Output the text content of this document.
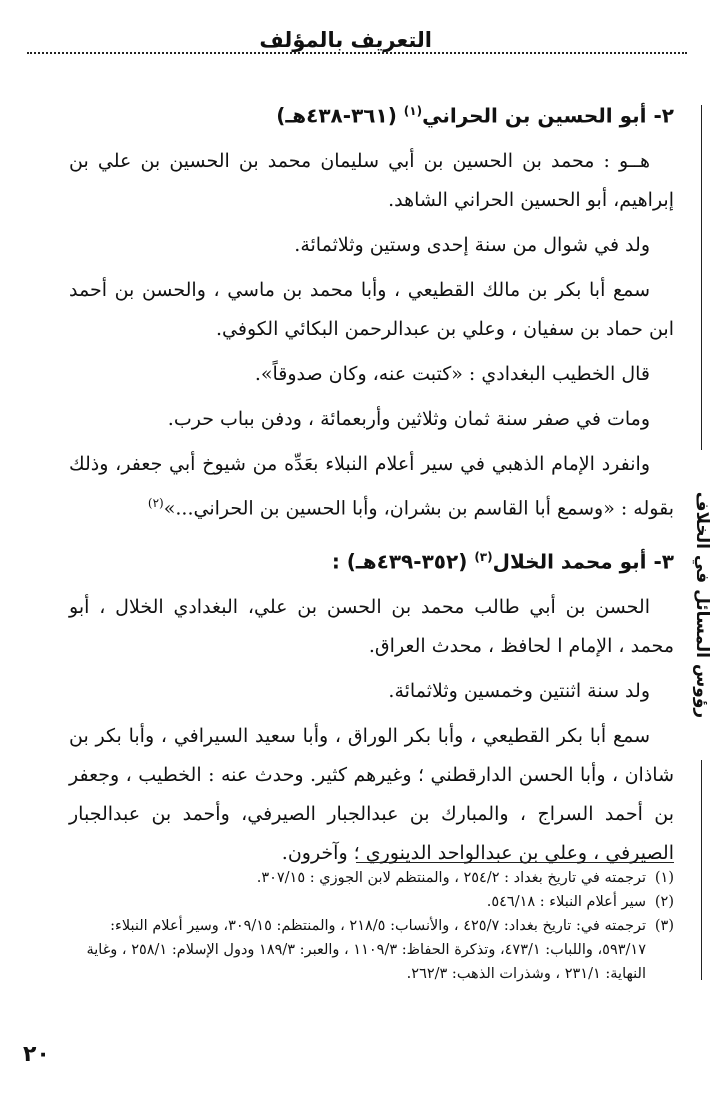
التعريف بالمؤلف
رؤوس المسائل في الخلاف
٢- أبو الحسين بن الحراني$^{(١)}$ (٣٦١-٤٣٨هـ)

هــو : محمد بن الحسين بن أبي سليمان محمد بن الحسين بن علي بن إبراهيم، أبو الحسين الحراني الشاهد.

ولد في شوال من سنة إحدى وستين وثلاثمائة.

سمع أبا بكر بن مالك القطيعي ، وأبا محمد بن ماسي ، والحسن بن أحمد ابن حماد بن سفيان ، وعلي بن عبدالرحمن البكائي الكوفي.

قال الخطيب البغدادي : «كتبت عنه، وكان صدوقاً».

ومات في صفر سنة ثمان وثلاثين وأربعمائة ، ودفن بباب حرب.

وانفرد الإمام الذهبي في سير أعلام النبلاء بعَدِّه من شيوخ أبي جعفر، وذلك بقوله : «وسمع أبا القاسم بن بشران، وأبا الحسين بن الحراني...»$^{(٢)}$

٣- أبو محمد الخلال$^{(٣)}$ (٣٥٢-٤٣٩هـ) :

الحسن بن أبي طالب محمد بن الحسن بن علي، البغدادي الخلال ، أبو محمد ، الإمام ا لحافظ ، محدث العراق.

ولد سنة اثنتين وخمسين وثلاثمائة.

سمع أبا بكر القطيعي ، وأبا بكر الوراق ، وأبا سعيد السيرافي ، وأبا بكر بن شاذان ، وأبا الحسن الدارقطني ؛ وغيرهم كثير. وحدث عنه : الخطيب ، وجعفر بن أحمد السراج ، والمبارك بن عبدالجبار الصيرفي، وأحمد بن عبدالجبار الصيرفي ، وعلي بن عبدالواحد الدينوري ؛ وآخرون.

(١)
ترجمته في تاريخ بغداد : ٢٥٤/٢ ، والمنتظم لابن الجوزي : ٣٠٧/١٥.

(٢)
سير أعلام النبلاء : ٥٤٦/١٨.

(٣)
ترجمته في: تاريخ بغداد: ٤٢٥/٧ ، والأنساب: ٢١٨/٥ ، والمنتظم: ٣٠٩/١٥، وسير أعلام النبلاء: ٥٩٣/١٧، واللباب: ٤٧٣/١، وتذكرة الحفاظ: ١١٠٩/٣ ، والعبر: ١٨٩/٣ ودول الإسلام: ٢٥٨/١ ، وغاية النهاية: ٢٣١/١ ، وشذرات الذهب: ٢٦٢/٣.

٢٠
